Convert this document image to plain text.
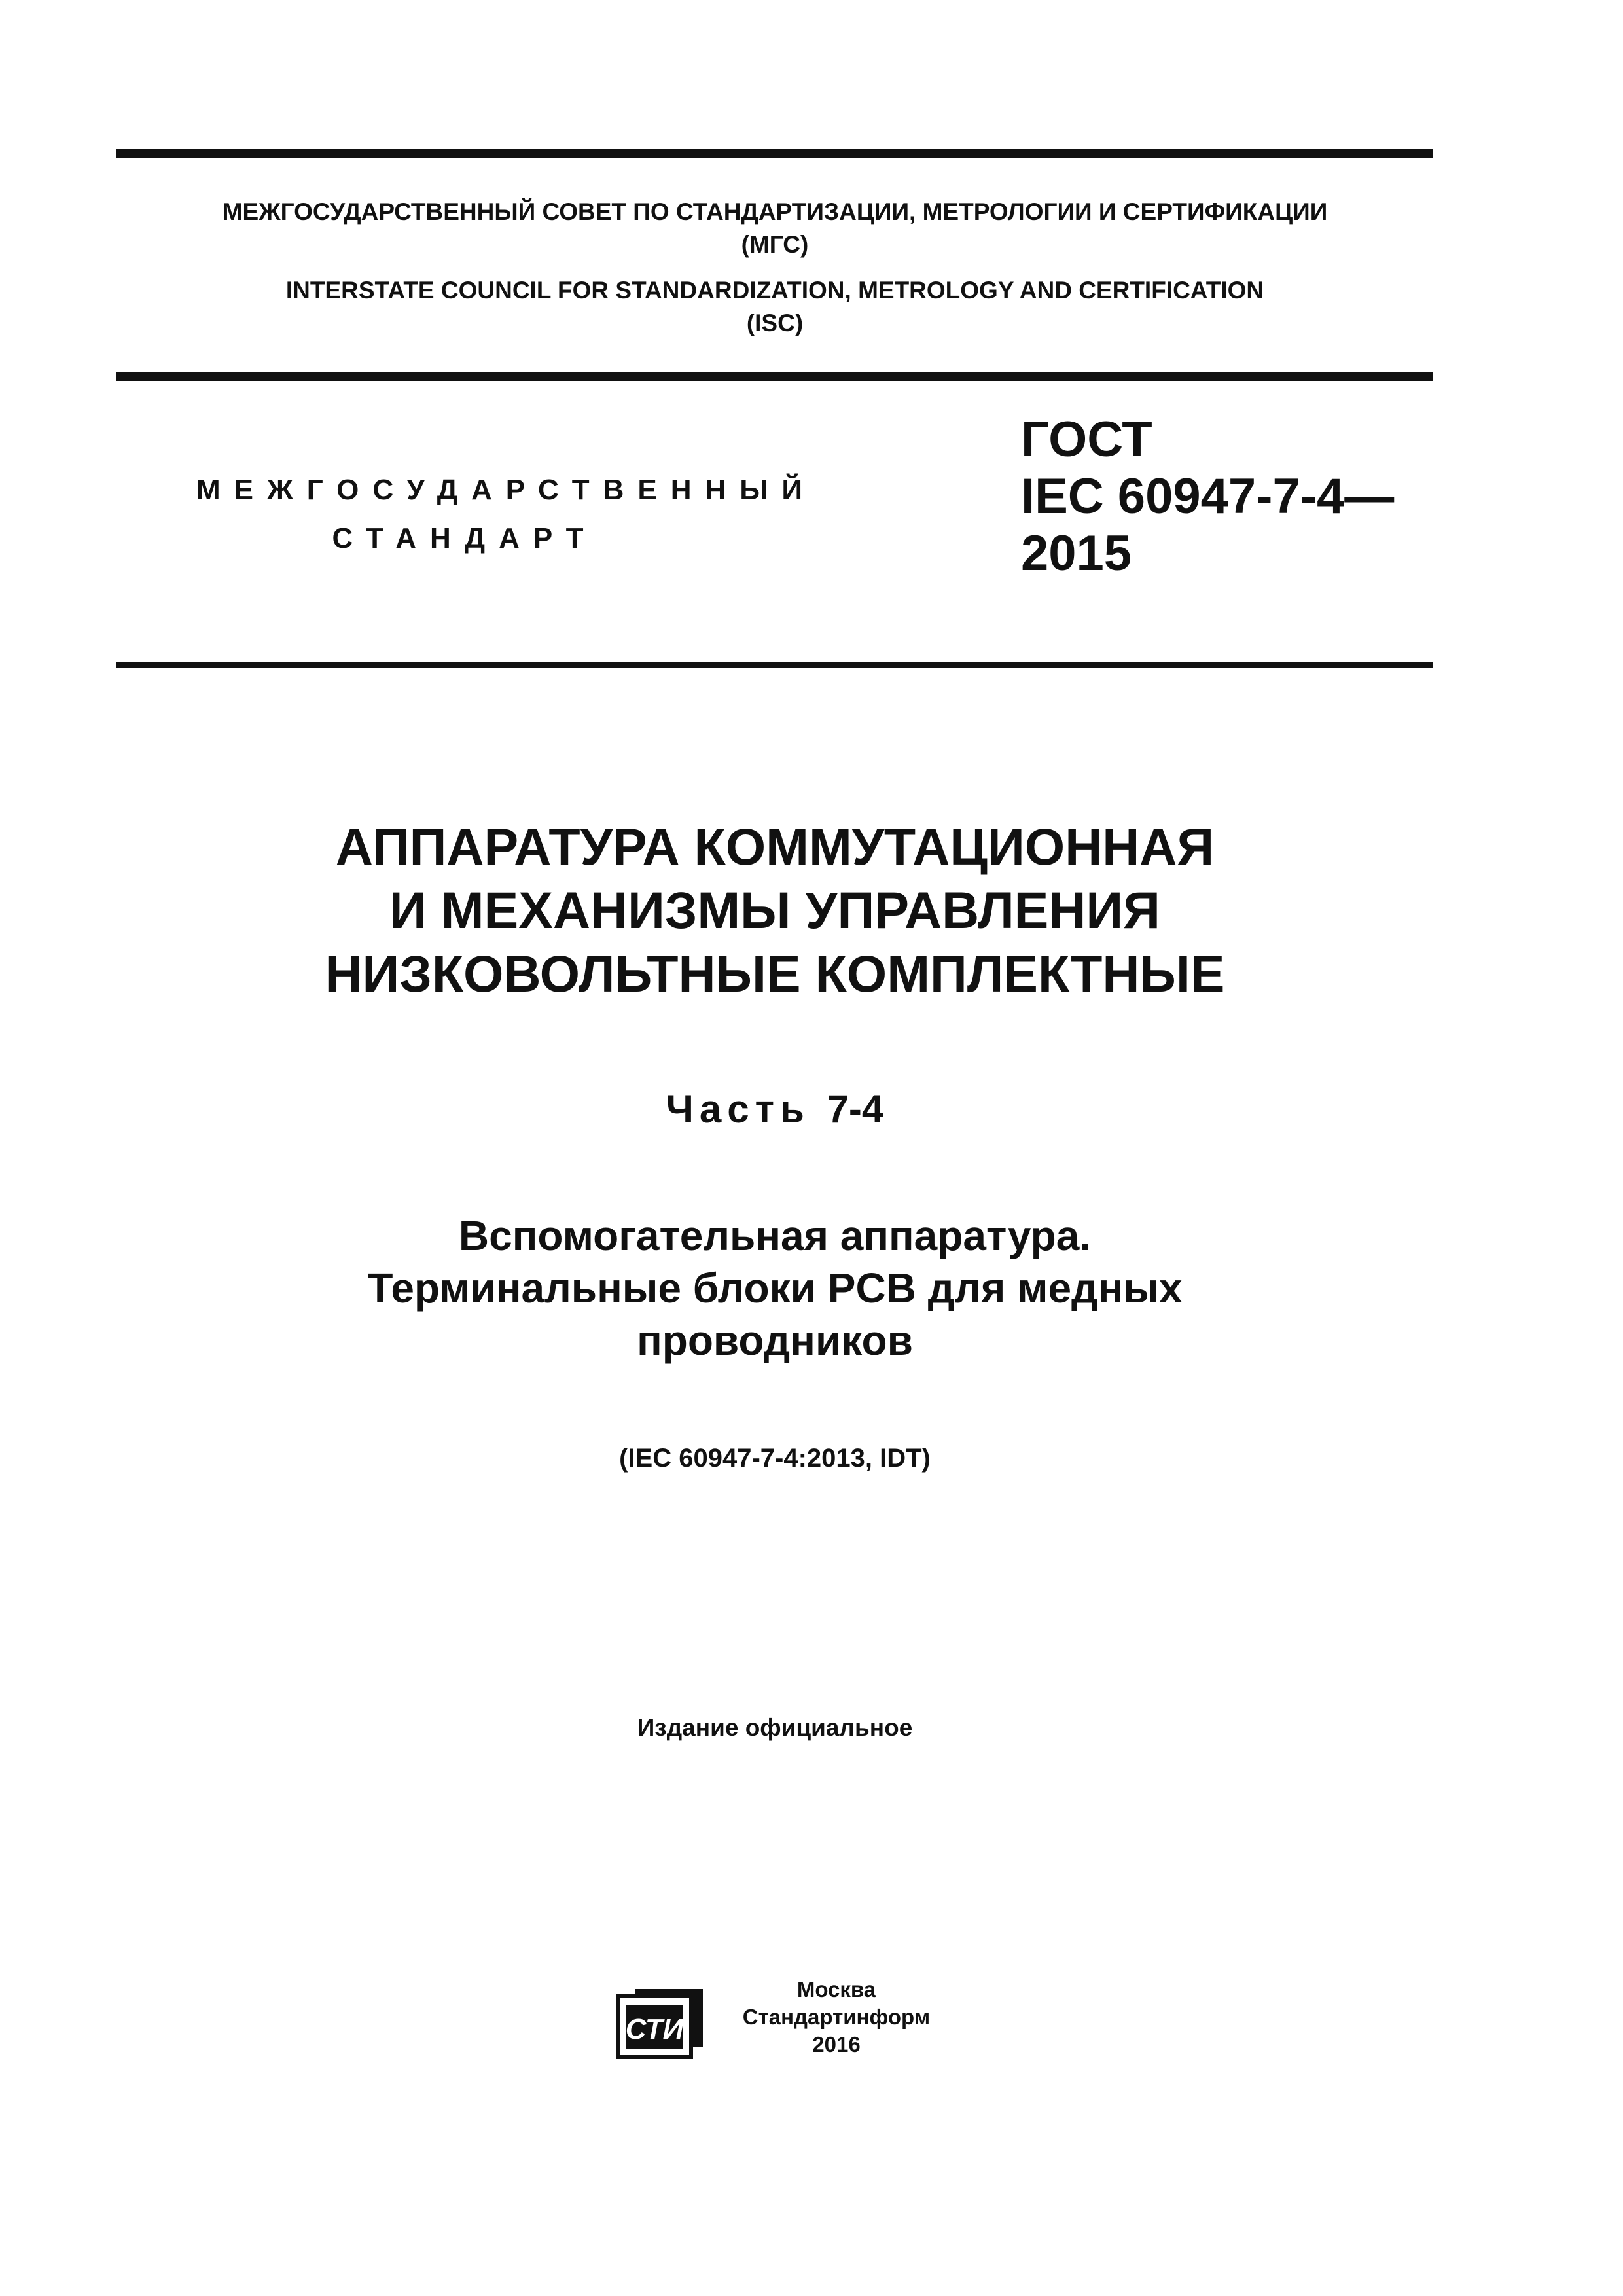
МЕЖГОСУДАРСТВЕННЫЙ СОВЕТ ПО СТАНДАРТИЗАЦИИ, МЕТРОЛОГИИ И СЕРТИФИКАЦИИ
(МГС)
INTERSTATE COUNCIL FOR STANDARDIZATION, METROLOGY AND CERTIFICATION
(ISC)
МЕЖГОСУДАРСТВЕННЫЙ
СТАНДАРТ
ГОСТ
IEC 60947-7-4—
2015
АППАРАТУРА КОММУТАЦИОННАЯ
И МЕХАНИЗМЫ УПРАВЛЕНИЯ
НИЗКОВОЛЬТНЫЕ КОМПЛЕКТНЫЕ
Часть 7-4
Вспомогательная аппаратура.
Терминальные блоки PCB для медных
проводников
(IEC 60947-7-4:2013, IDT)
Издание официальное
СТИ
Москва
Стандартинформ
2016
